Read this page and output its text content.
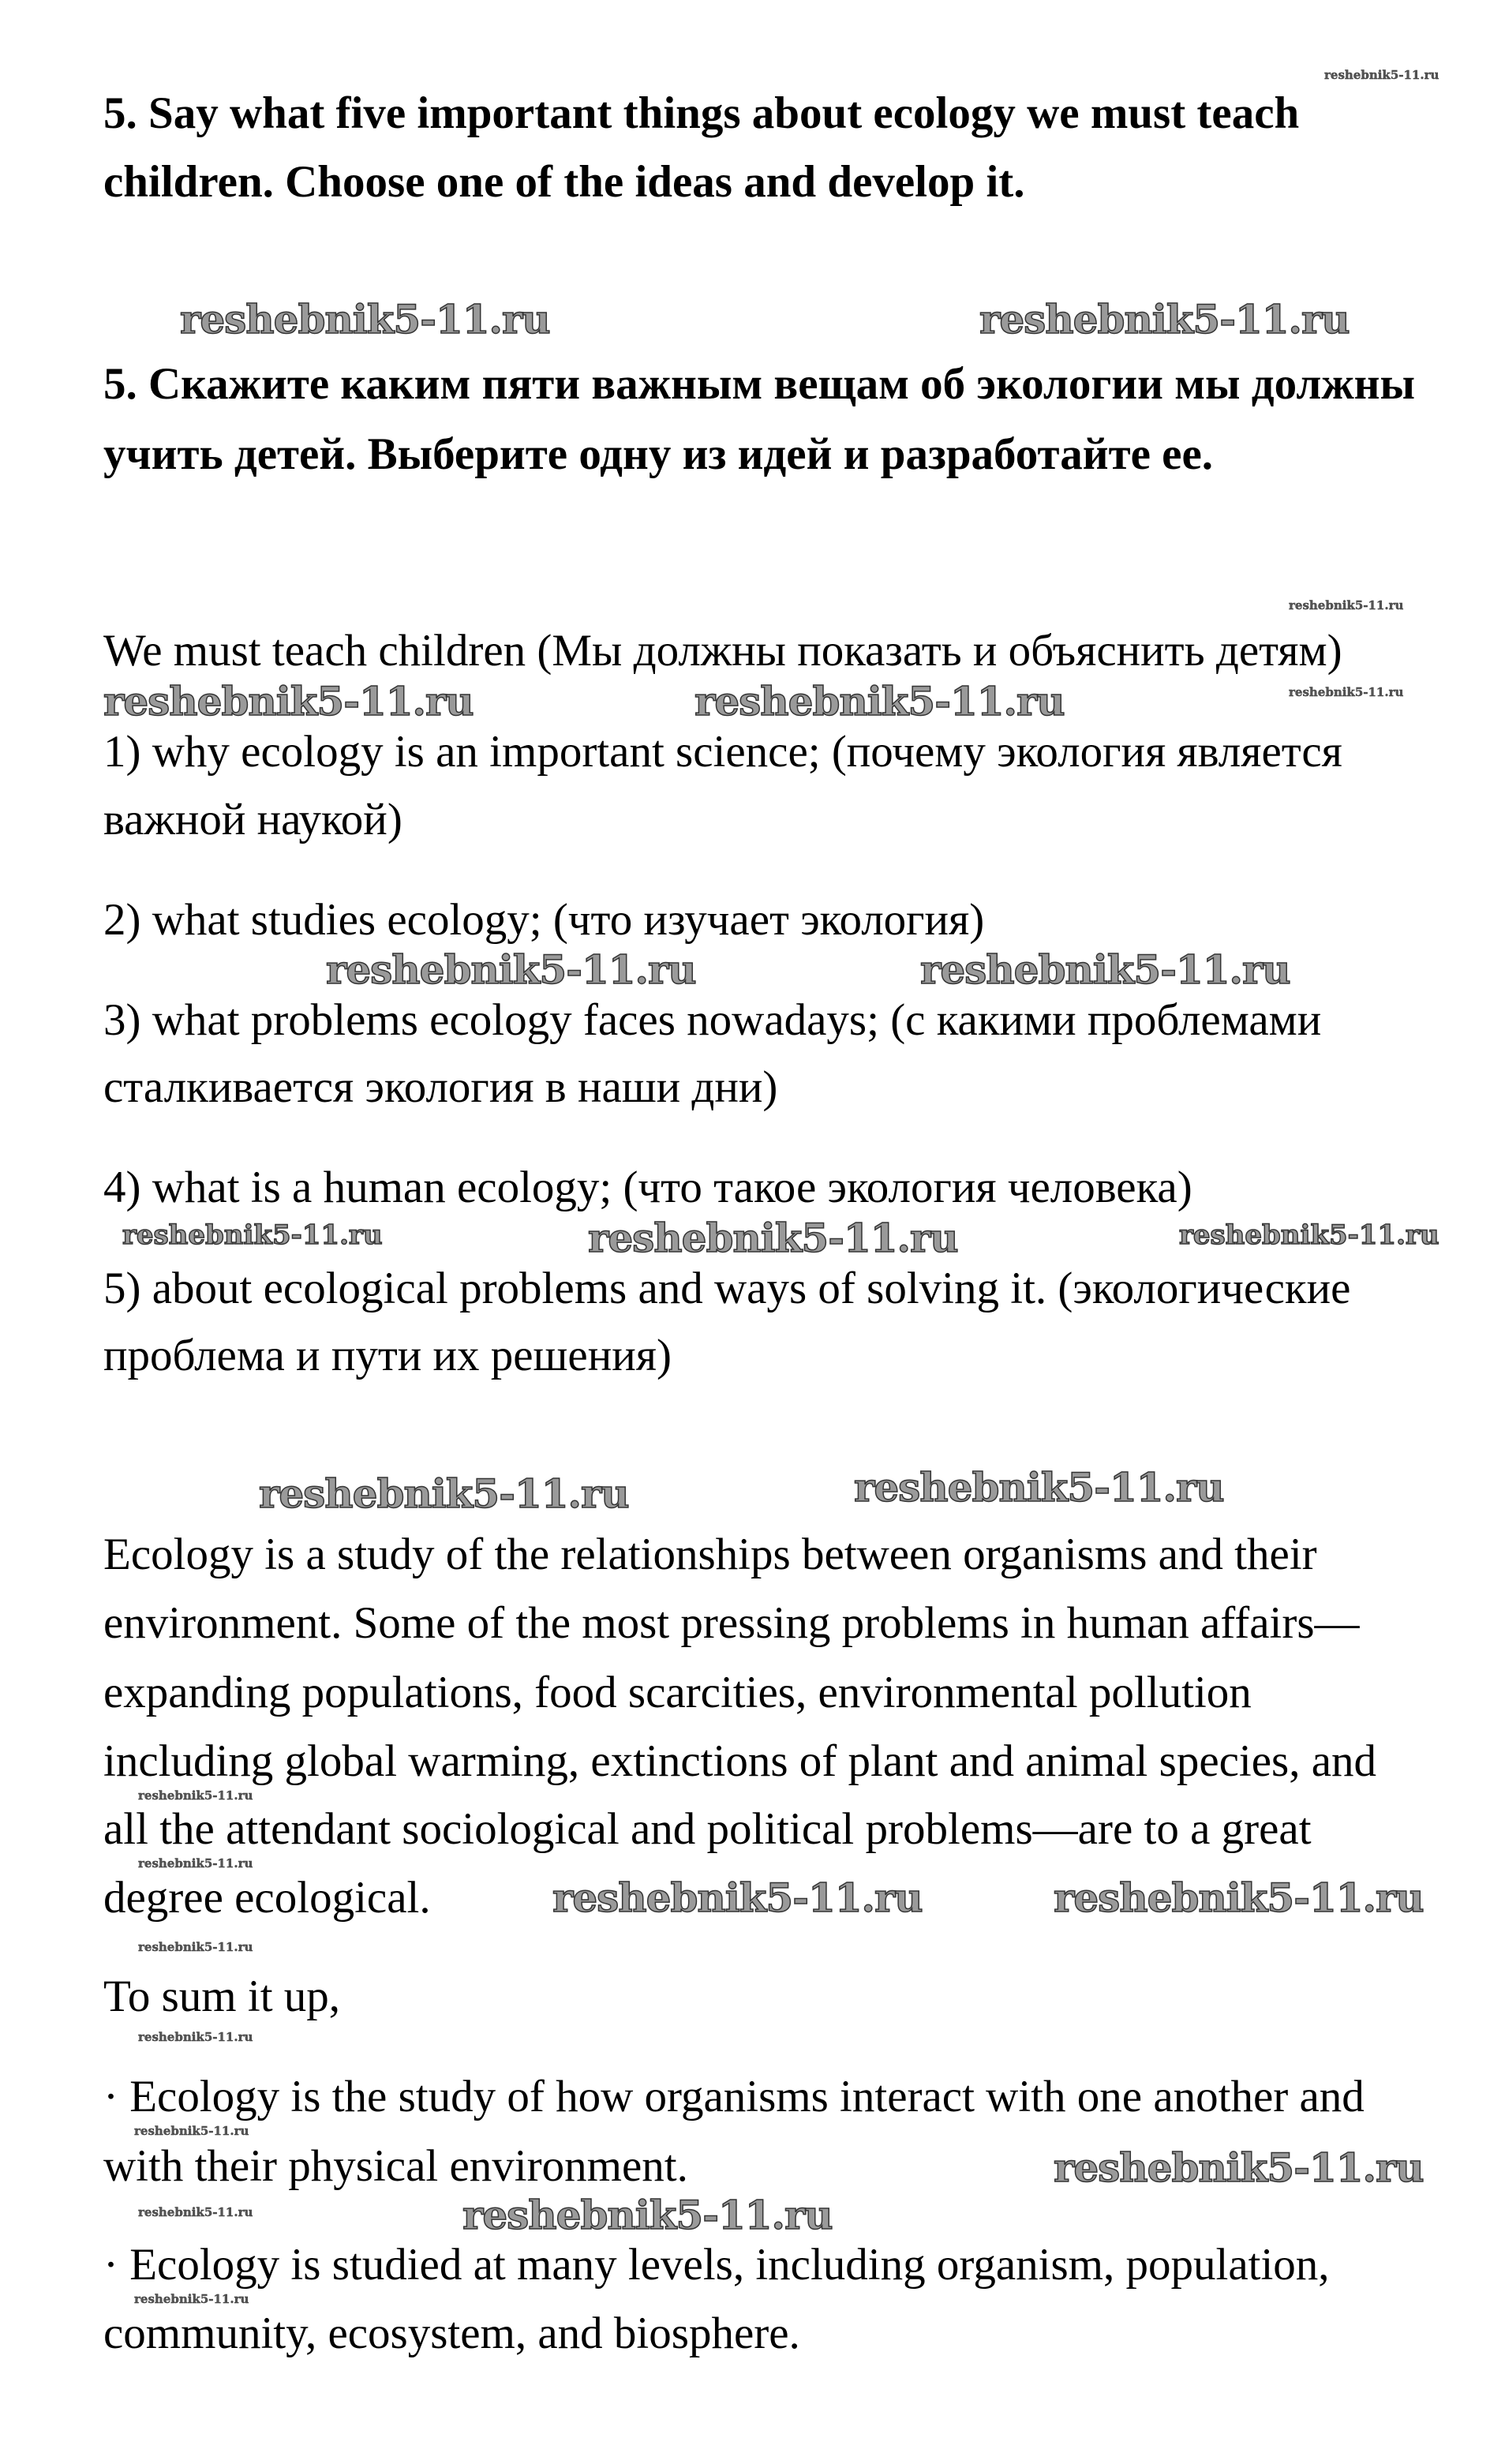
5. Say what five important things about ecology we must teach
children. Choose one of the ideas and develop it.
5. Скажите каким пяти важным вещам об экологии мы должны
учить детей. Выберите одну из идей и разработайте ее.
We must teach children (Мы должны показать и объяснить детям)
1) why ecology is an important science; (почему экология является
важной наукой)
2) what studies ecology; (что изучает экология)
3) what problems ecology faces nowadays; (с какими проблемами
сталкивается экология в наши дни)
4) what is a human ecology; (что такое экология человека)
5) about ecological problems and ways of solving it. (экологические
проблема и пути их решения)
Ecology is a study of the relationships between organisms and their
environment. Some of the most pressing problems in human affairs—
expanding populations, food scarcities, environmental pollution
including global warming, extinctions of plant and animal species, and
all the attendant sociological and political problems—are to a great
degree ecological.
To sum it up,
· Ecology is the study of how organisms interact with one another and
with their physical environment.
· Ecology is studied at many levels, including organism, population,
community, ecosystem, and biosphere.
reshebnik5-11.ru	reshebnik5-11.ru
reshebnik5-11.ru	reshebnik5-11.ru
reshebnik5-11.ru	reshebnik5-11.ru
reshebnik5-11.ru	reshebnik5-11.ru
reshebnik5-11.ru
reshebnik5-11.ru	reshebnik5-11.ru
reshebnik5-11.ru	reshebnik5-11.ru
reshebnik5-11.ru
reshebnik5-11.ru
reshebnik5-11.ru
reshebnik5-11.ru
reshebnik5-11.ru
reshebnik5-11.ru
reshebnik5-11.ru
reshebnik5-11.ru
reshebnik5-11.ru
reshebnik5-11.ru
reshebnik5-11.ru
reshebnik5-11.ru
